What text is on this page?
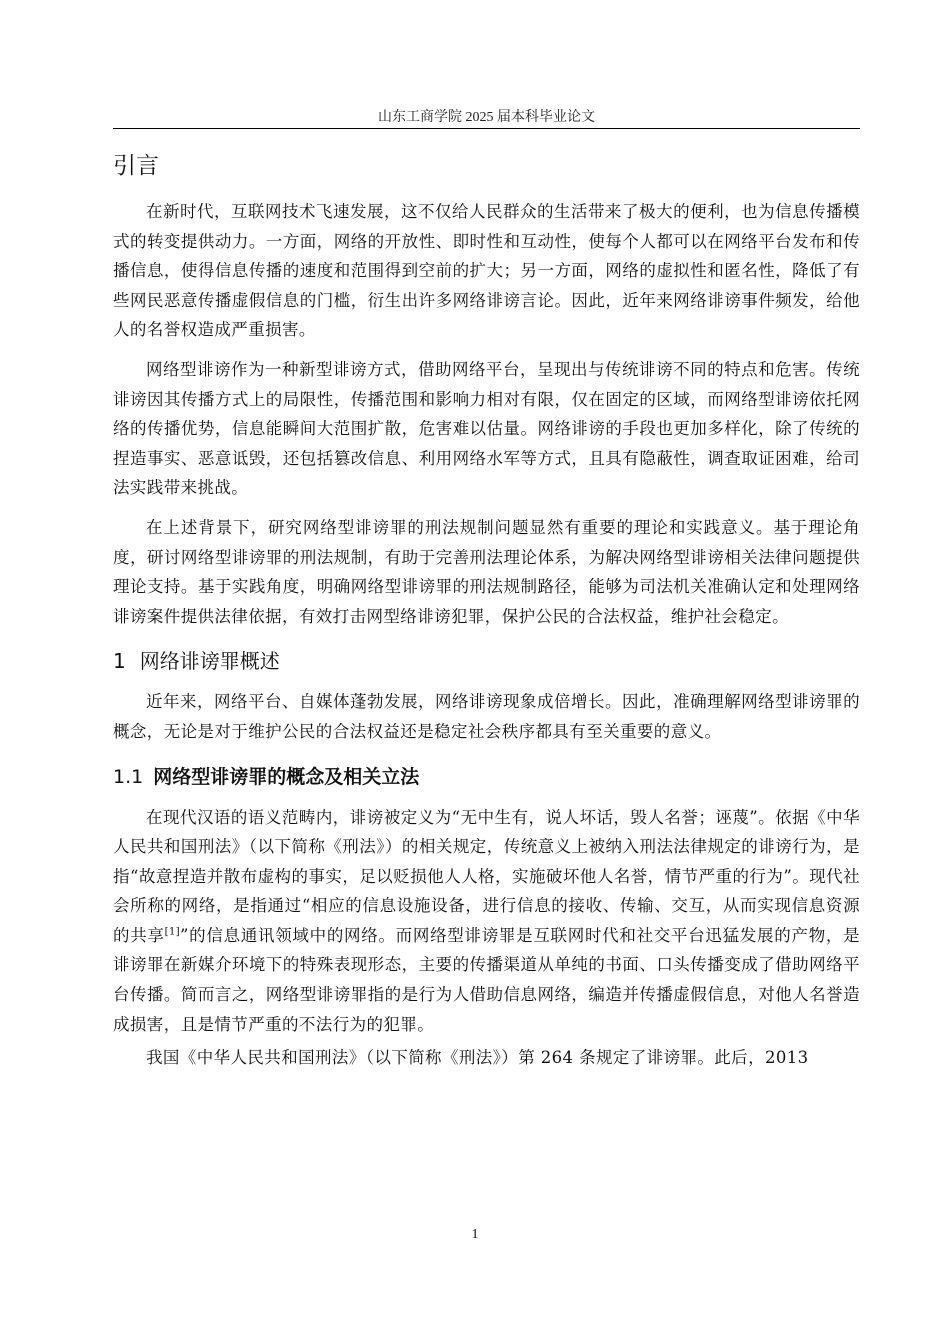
山东工商学院 2025 届本科毕业论文
引言

在新时代，互联网技术飞速发展，这不仅给人民群众的生活带来了极大的便利，也为信息传播模式的转变提供动力。一方面，网络的开放性、即时性和互动性，使每个人都可以在网络平台发布和传播信息，使得信息传播的速度和范围得到空前的扩大；另一方面，网络的虚拟性和匿名性，降低了有些网民恶意传播虚假信息的门槛，衍生出许多网络诽谤言论。因此，近年来网络诽谤事件频发，给他人的名誉权造成严重损害。

网络型诽谤作为一种新型诽谤方式，借助网络平台，呈现出与传统诽谤不同的特点和危害。传统诽谤因其传播方式上的局限性，传播范围和影响力相对有限，仅在固定的区域，而网络型诽谤依托网络的传播优势，信息能瞬间大范围扩散，危害难以估量。网络诽谤的手段也更加多样化，除了传统的捏造事实、恶意诋毁，还包括篡改信息、利用网络水军等方式，且具有隐蔽性，调查取证困难，给司法实践带来挑战。

在上述背景下，研究网络型诽谤罪的刑法规制问题显然有重要的理论和实践意义。基于理论角度，研讨网络型诽谤罪的刑法规制，有助于完善刑法理论体系，为解决网络型诽谤相关法律问题提供理论支持。基于实践角度，明确网络型诽谤罪的刑法规制路径，能够为司法机关准确认定和处理网络诽谤案件提供法律依据，有效打击网型络诽谤犯罪，保护公民的合法权益，维护社会稳定。

1 网络诽谤罪概述

近年来，网络平台、自媒体蓬勃发展，网络诽谤现象成倍增长。因此，准确理解网络型诽谤罪的概念，无论是对于维护公民的合法权益还是稳定社会秩序都具有至关重要的意义。

1.1 网络型诽谤罪的概念及相关立法

在现代汉语的语义范畴内，诽谤被定义为“无中生有，说人坏话，毁人名誉；诬蔑”。依据《中华人民共和国刑法》（以下简称《刑法》）的相关规定，传统意义上被纳入刑法法律规定的诽谤行为，是指“故意捏造并散布虚构的事实，足以贬损他人人格，实施破坏他人名誉，情节严重的行为”。现代社会所称的网络，是指通过“相应的信息设施设备，进行信息的接收、传输、交互，从而实现信息资源的共享[1]”的信息通讯领域中的网络。而网络型诽谤罪是互联网时代和社交平台迅猛发展的产物，是诽谤罪在新媒介环境下的特殊表现形态，主要的传播渠道从单纯的书面、口头传播变成了借助网络平台传播。简而言之，网络型诽谤罪指的是行为人借助信息网络，编造并传播虚假信息，对他人名誉造成损害，且是情节严重的不法行为的犯罪。

我国《中华人民共和国刑法》（以下简称《刑法》）第 264 条规定了诽谤罪。此后，2013

1
